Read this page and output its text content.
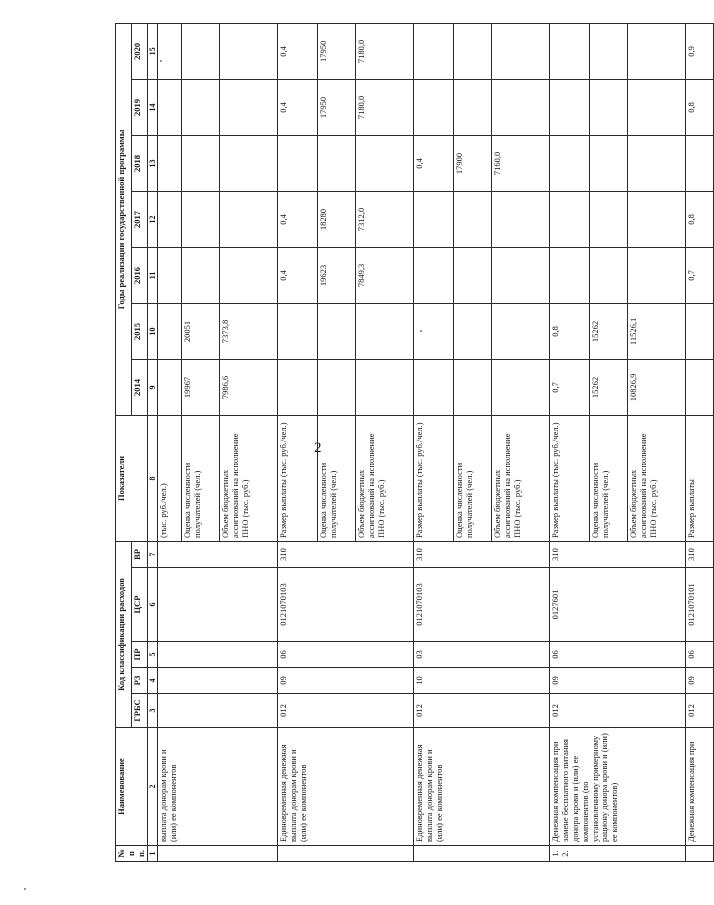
2
№ пп.	Наименование	Код классификации расходов					Показатели	Годы реализации государственной программы						
		ГРБС	РЗ	ПР	ЦСР	ВР		2014	2015	2016	2017	2018	2019	2020
1	2	3	4	5	6	7	8	9	10	11	12	13	14	15
	выплата донорам крови и (или) ее компонентов						(тыс. руб./чел.)							
							Оценка численности получателей (чел.)	19967	20051					
							Объем бюджетных ассигнований на исполнение ПНО (тыс. руб.)	7986,6	7373,8					
	Единовременная денежная выплата донорам крови и (или) ее компонентов	012	09	06	0121070103	310	Размер выплаты (тыс. руб./чел.)			0,4	0,4		0,4	0,4
							Оценка численности получателей (чел.)			19623	18280		17950	17950
							Объем бюджетных ассигнований на исполнение ПНО (тыс. руб.)			7849,3	7312,0		7180,0	7180,0
	Единовременная денежная выплата донорам крови и (или) ее компонентов	012	10	03	0121070103	310	Размер выплаты (тыс. руб./чел.)					0,4		
							Оценка численности получателей (чел.)					17900		
							Объем бюджетных ассигнований на исполнение ПНО (тыс. руб.)					7160,0		
1.2.	Денежная компенсация при замене бесплатного питания донора крови и (или) ее компонентов (по установленному примерному рациону донора крови и (или) ее компонентов)	012	09	06	0127601	310	Размер выплаты (тыс. руб./чел.)	0,7	0,8					
							Оценка численности получателей (чел.)	15262	15262					
							Объем бюджетных ассигнований на исполнение ПНО (тыс. руб.)	10826,9	11526,1					
	Денежная компенсация при	012	09	06	0121070101	310	Размер выплаты			0,7	0,8		0,8	0,9
